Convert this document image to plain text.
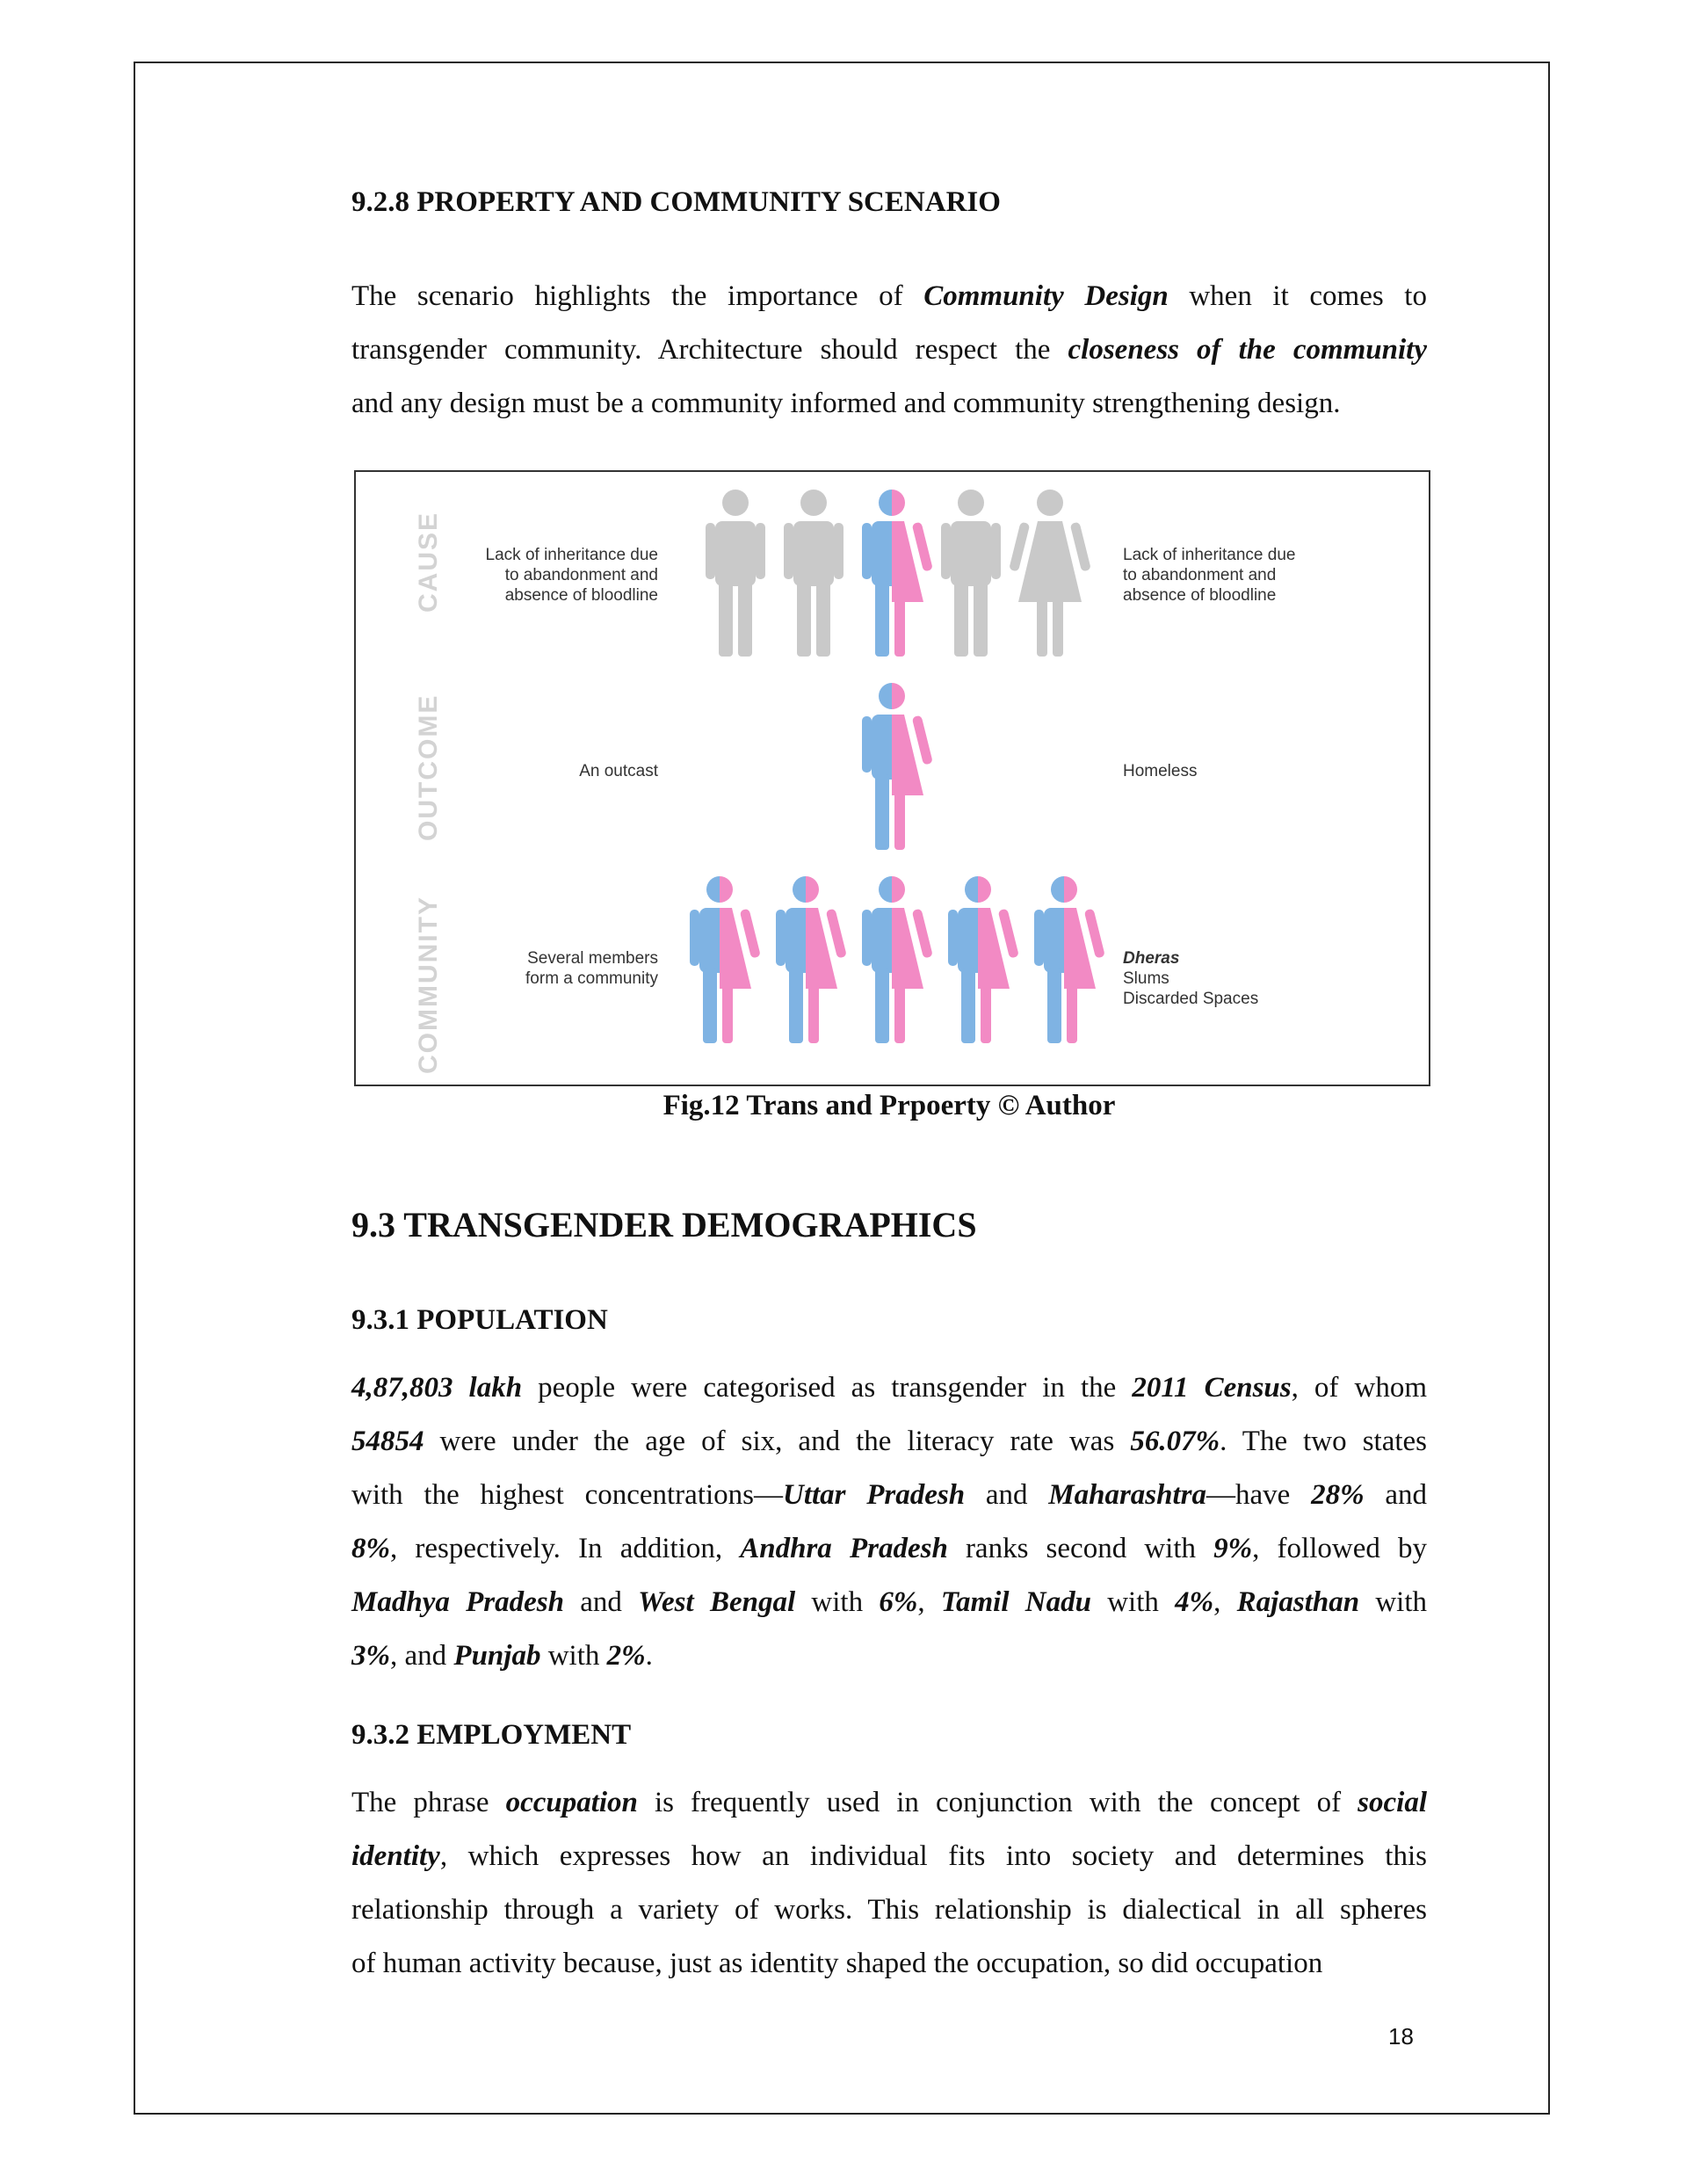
9.2.8 PROPERTY AND COMMUNITY SCENARIO
The scenario highlights the importance of Community Design when it comes to
transgender community. Architecture should respect the closeness of the community
and any design must be a community informed and community strengthening design.
CAUSE
OUTCOME
COMMUNITY
Lack of inheritance due
to abandonment and
absence of bloodline
Lack of inheritance due
to abandonment and
absence of bloodline
An outcast	Homeless
Several members
form a community
Dheras
Slums
Discarded Spaces
Fig.12 Trans and Prpoerty © Author
9.3 TRANSGENDER DEMOGRAPHICS
9.3.1 POPULATION
4,87,803 lakh people were categorised as transgender in the 2011 Census, of whom
54854 were under the age of six, and the literacy rate was 56.07%. The two states
with the highest concentrations—Uttar Pradesh and Maharashtra—have 28% and
8%, respectively. In addition, Andhra Pradesh ranks second with 9%, followed by
Madhya Pradesh and West Bengal with 6%, Tamil Nadu with 4%, Rajasthan with
3%, and Punjab with 2%.
9.3.2 EMPLOYMENT
The phrase occupation is frequently used in conjunction with the concept of social
identity, which expresses how an individual fits into society and determines this
relationship through a variety of works. This relationship is dialectical in all spheres
of human activity because, just as identity shaped the occupation, so did occupation
18
